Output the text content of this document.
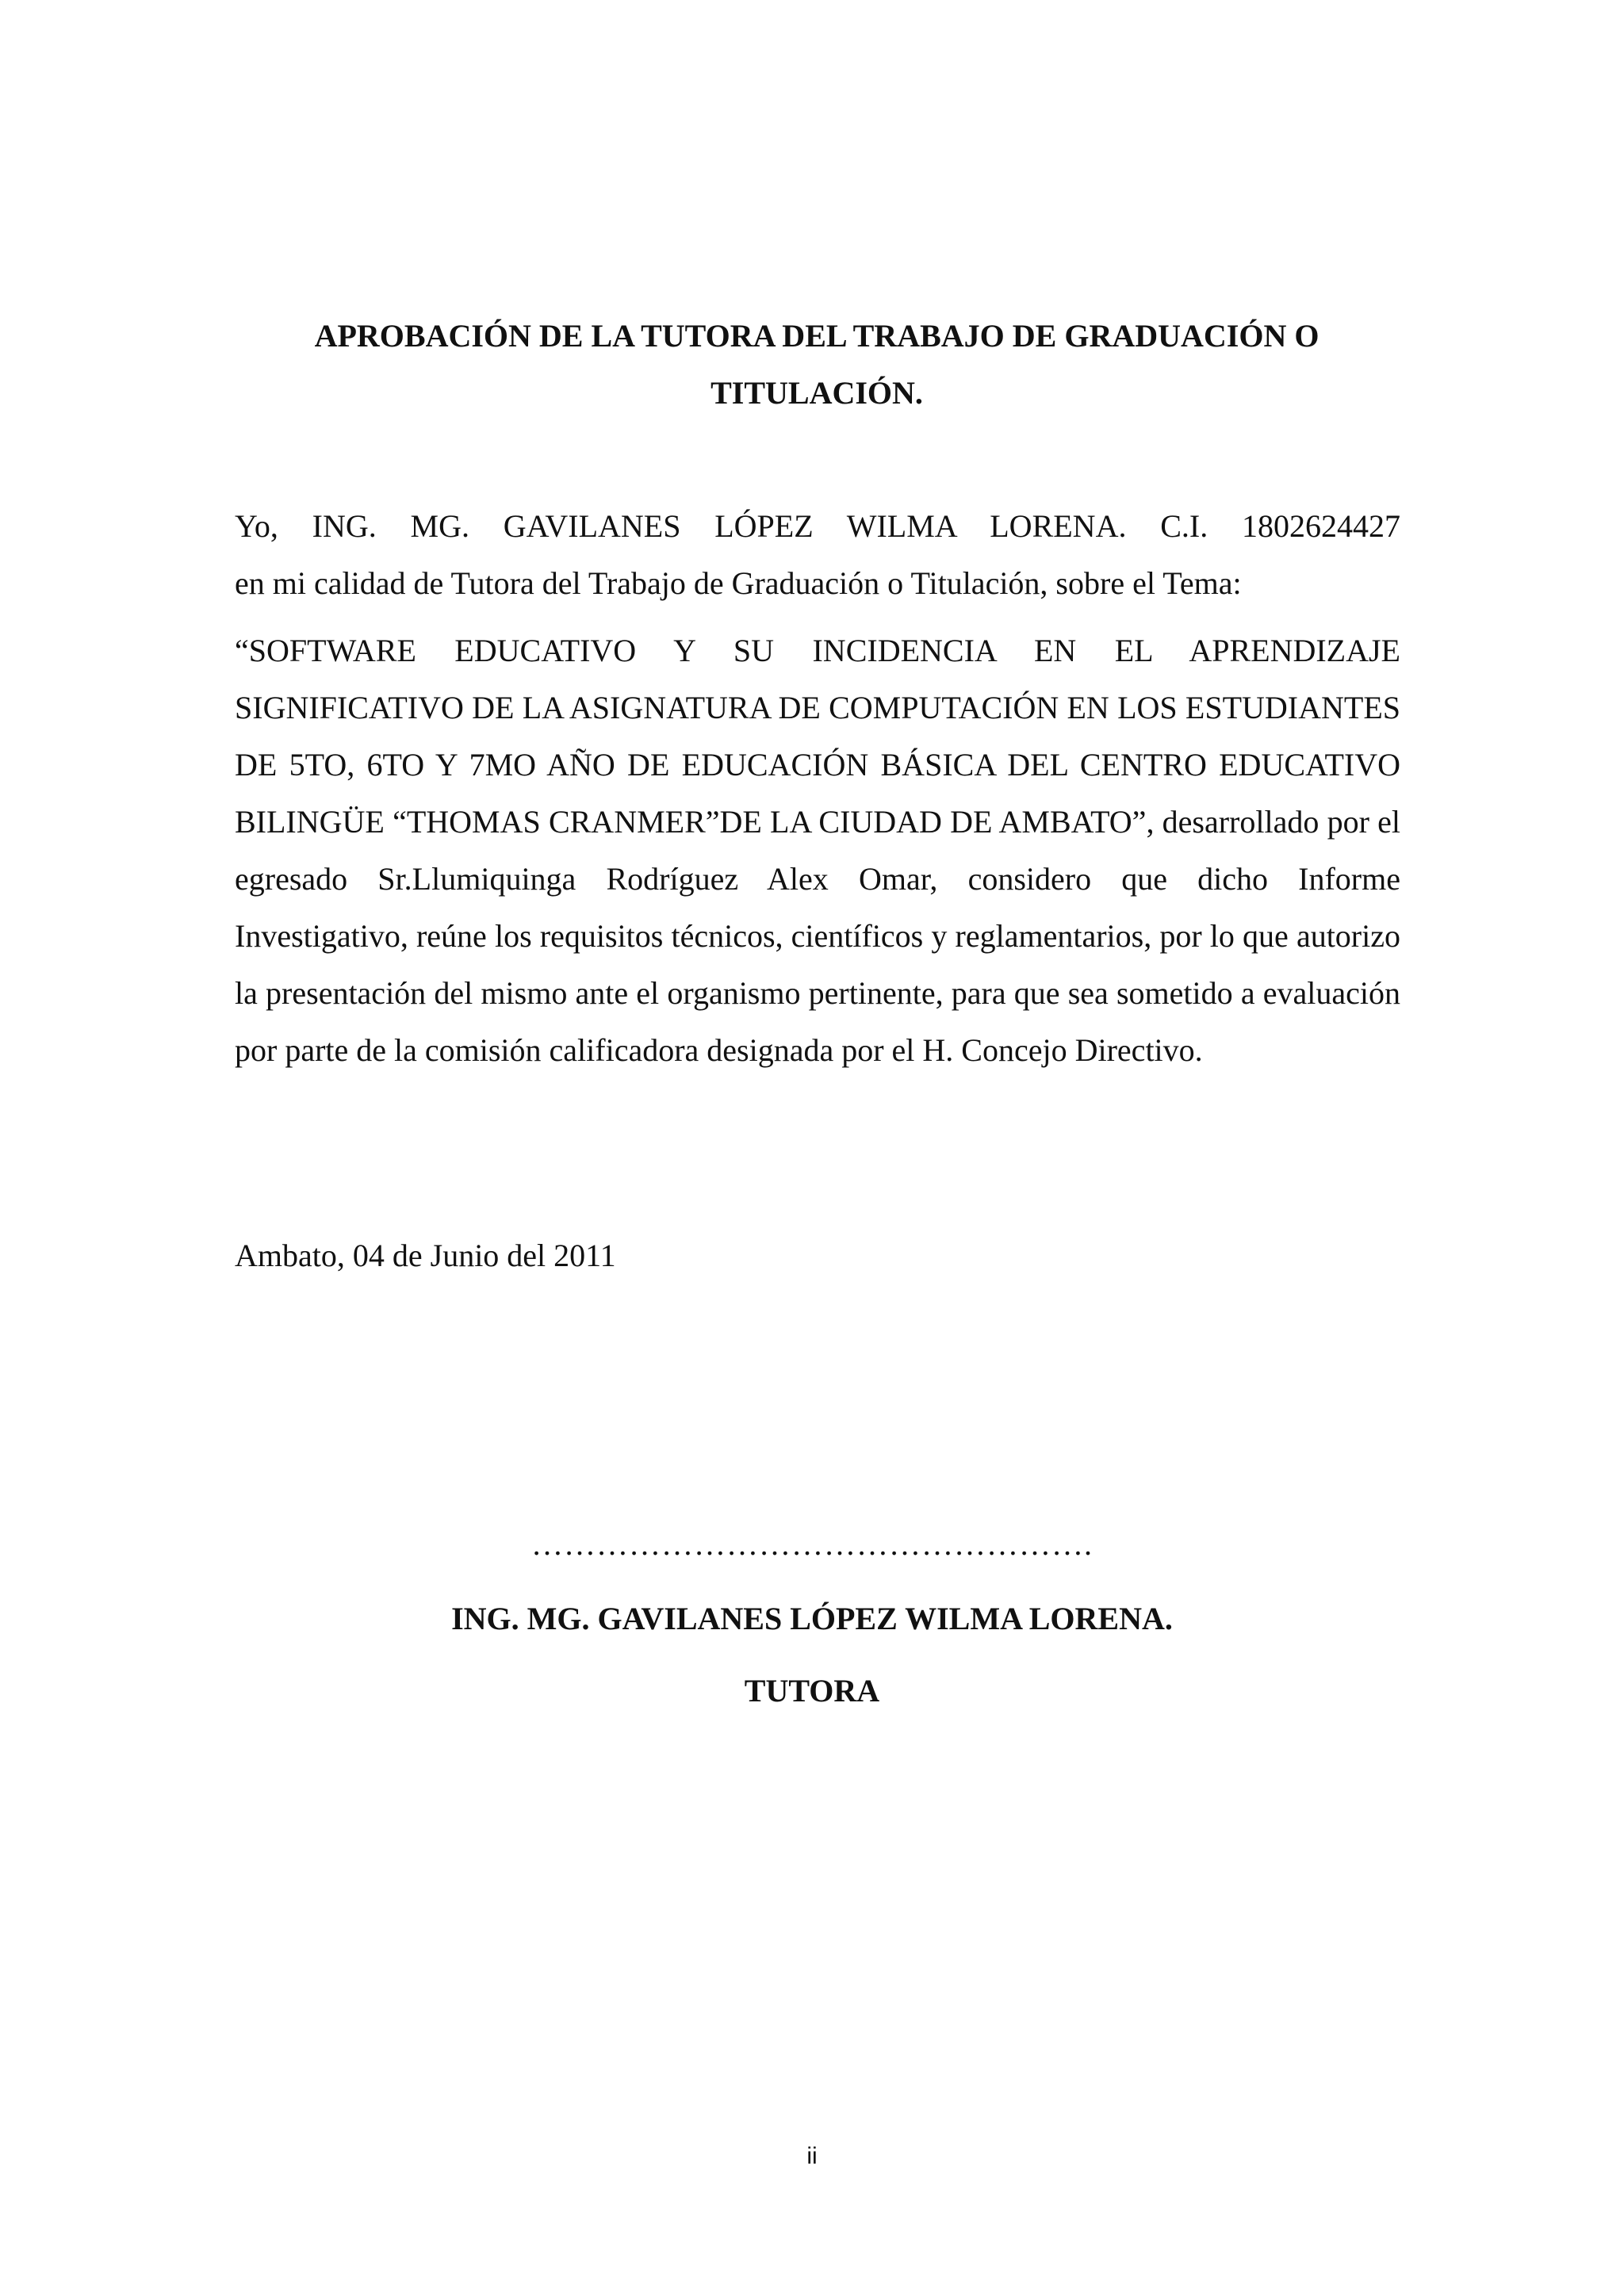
APROBACIÓN DE LA TUTORA DEL TRABAJO DE GRADUACIÓN O

TITULACIÓN.

Yo, ING. MG. GAVILANES LÓPEZ WILMA LORENA. C.I. 1802624427

en mi calidad de Tutora del Trabajo de Graduación o Titulación, sobre el Tema:

“SOFTWARE EDUCATIVO Y SU INCIDENCIA EN EL APRENDIZAJE SIGNIFICATIVO DE LA ASIGNATURA DE COMPUTACIÓN EN LOS ESTUDIANTES DE 5TO, 6TO Y 7MO AÑO DE EDUCACIÓN BÁSICA DEL CENTRO EDUCATIVO BILINGÜE “THOMAS CRANMER”DE LA CIUDAD DE AMBATO”, desarrollado por el egresado Sr.Llumiquinga Rodríguez Alex Omar, considero que dicho Informe Investigativo, reúne los requisitos técnicos, científicos y reglamentarios, por lo que autorizo la presentación del mismo ante el organismo pertinente, para que sea sometido a evaluación por parte de la comisión calificadora designada por el H. Concejo Directivo.

Ambato, 04 de Junio del 2011

…………………………………………….

ING. MG. GAVILANES LÓPEZ WILMA LORENA.

TUTORA

ii
